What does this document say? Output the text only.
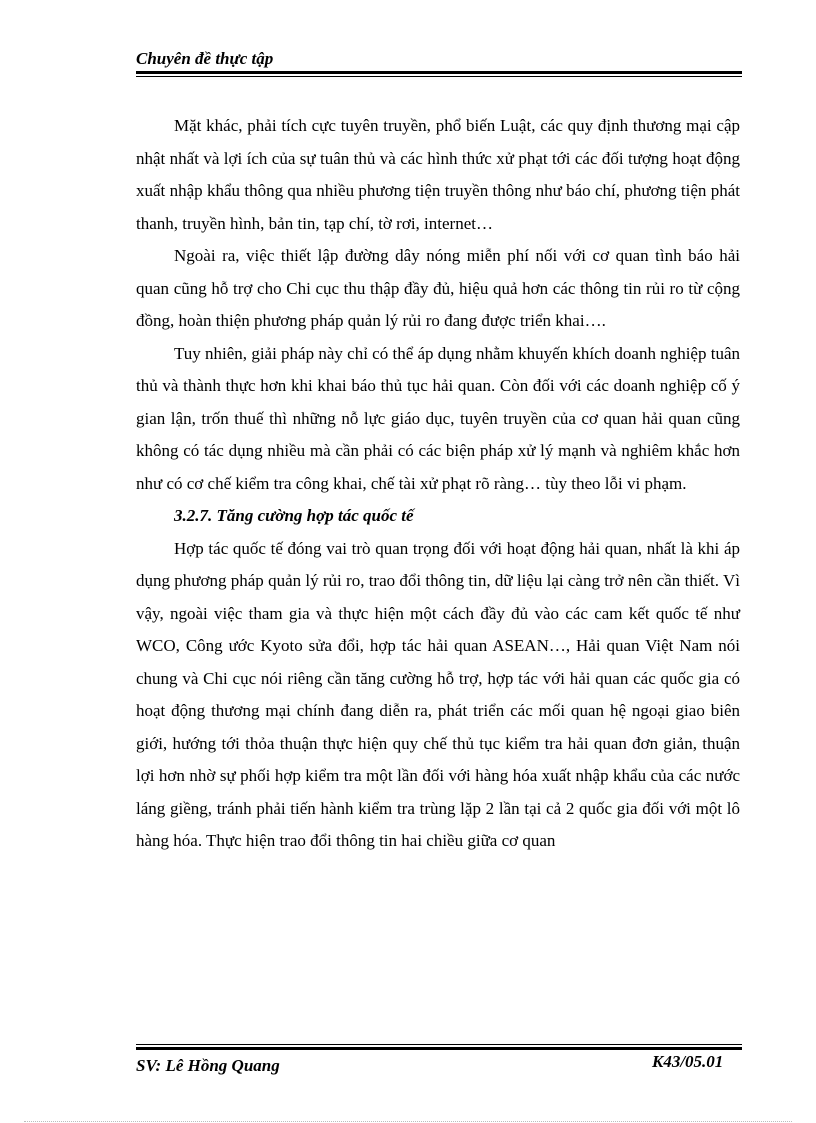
Chuyên đề thực tập

Mặt khác, phải tích cực tuyên truyền, phổ biến Luật, các quy định thương mại cập nhật nhất và lợi ích của sự tuân thủ và các hình thức xử phạt tới các đối tượng hoạt động xuất nhập khẩu thông qua nhiều phương tiện truyền thông như báo chí, phương tiện phát thanh, truyền hình, bản tin, tạp chí, tờ rơi, internet…

Ngoài ra, việc thiết lập đường dây nóng miễn phí nối với cơ quan tình báo hải quan cũng hỗ trợ cho Chi cục thu thập đầy đủ, hiệu quả hơn các thông tin rủi ro từ cộng đồng, hoàn thiện phương pháp quản lý rủi ro đang được triển khai….

Tuy nhiên, giải pháp này chỉ có thể áp dụng nhằm khuyến khích doanh nghiệp tuân thủ và thành thực hơn khi khai báo thủ tục hải quan. Còn đối với các doanh nghiệp cố ý gian lận, trốn thuế thì những nỗ lực giáo dục, tuyên truyền của cơ quan hải quan cũng không có tác dụng nhiều mà cần phải có các biện pháp xử lý mạnh và nghiêm khắc hơn như có cơ chế kiểm tra công khai, chế tài xử phạt rõ ràng… tùy theo lỗi vi phạm.

3.2.7. Tăng cường hợp tác quốc tế

Hợp tác quốc tế đóng vai trò quan trọng đối với hoạt động hải quan, nhất là khi áp dụng phương pháp quản lý rủi ro, trao đổi thông tin, dữ liệu lại càng trở nên cần thiết. Vì vậy, ngoài việc tham gia và thực hiện một cách đầy đủ vào các cam kết quốc tế như WCO, Công ước Kyoto sửa đổi, hợp tác hải quan ASEAN…, Hải quan Việt Nam nói chung và Chi cục nói riêng cần tăng cường hỗ trợ, hợp tác với hải quan các quốc gia có hoạt động thương mại chính đang diễn ra, phát triển các mối quan hệ ngoại giao biên giới, hướng tới thỏa thuận thực hiện quy chế thủ tục kiểm tra hải quan đơn giản, thuận lợi hơn nhờ sự phối hợp kiểm tra một lần đối với hàng hóa xuất nhập khẩu của các nước láng giềng, tránh phải tiến hành kiểm tra trùng lặp 2 lần tại cả 2 quốc gia đối với một lô hàng hóa. Thực hiện trao đổi thông tin hai chiều giữa cơ quan

SV: Lê Hồng Quang	K43/05.01
